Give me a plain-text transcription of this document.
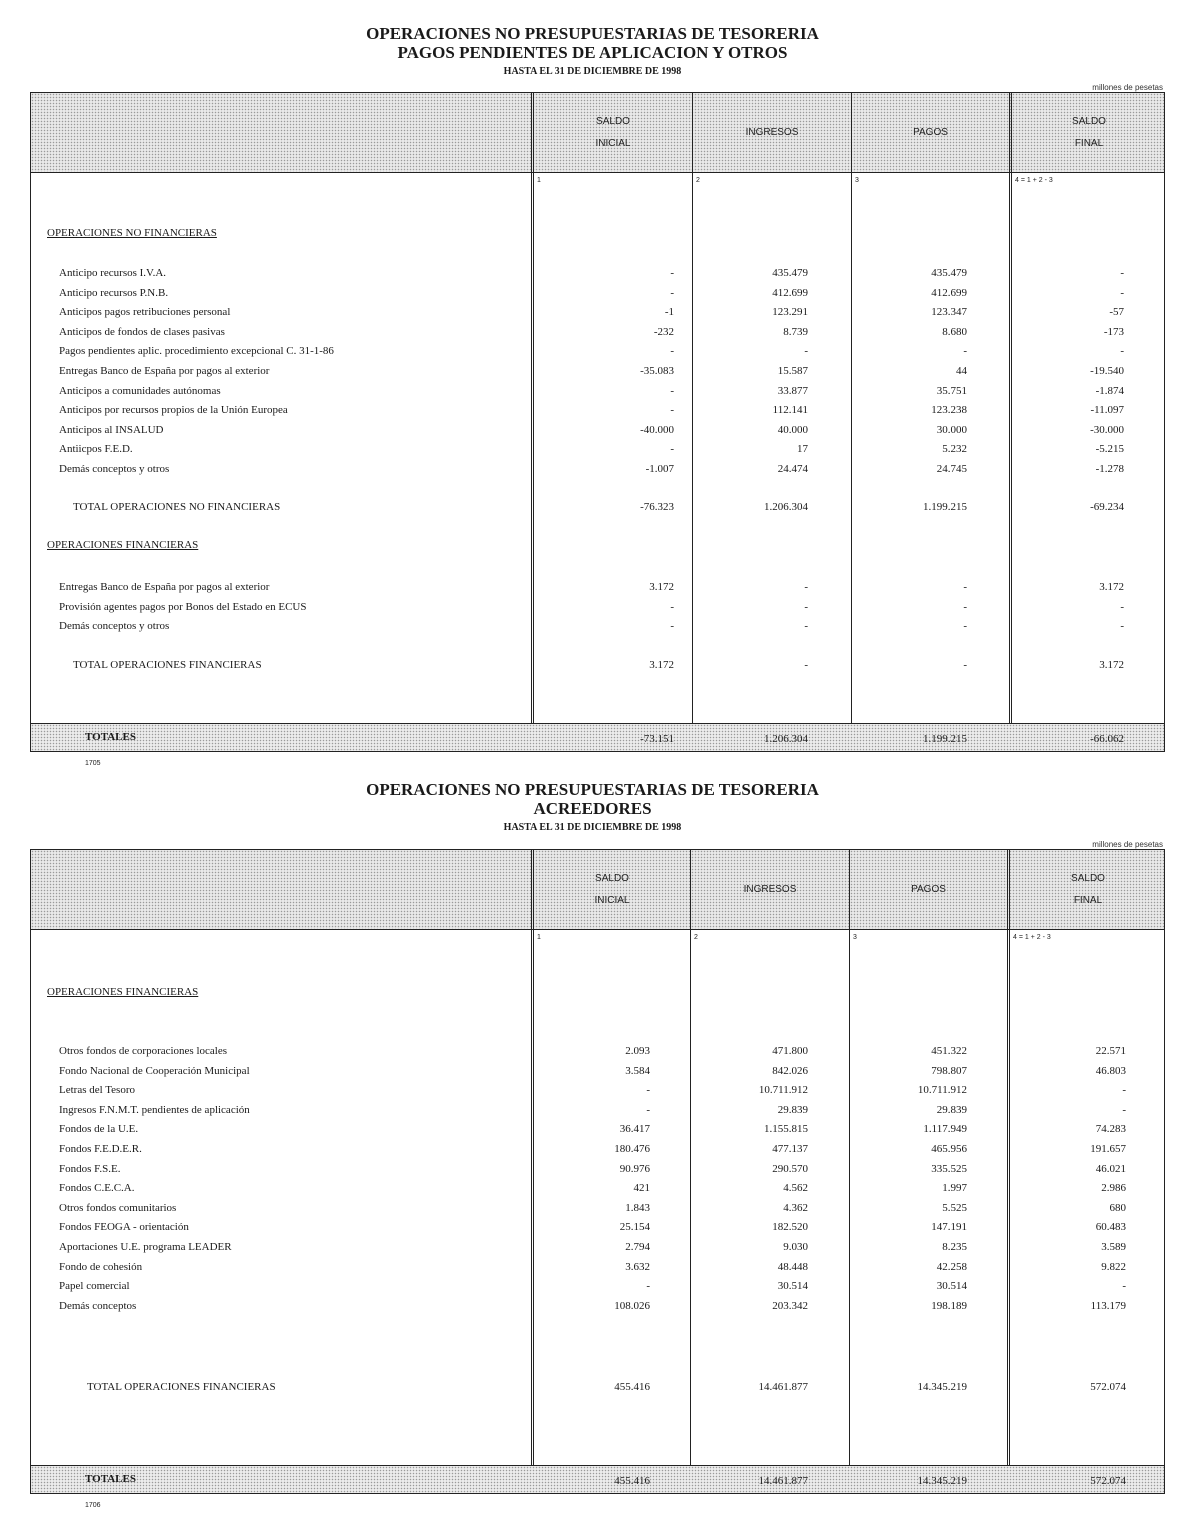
OPERACIONES NO PRESUPUESTARIAS DE TESORERIA
PAGOS PENDIENTES DE APLICACION Y OTROS
HASTA EL 31 DE DICIEMBRE DE 1998
millones de pesetas
SALDO
INICIAL
INGRESOS	PAGOS
SALDO
FINAL
1	2	3	4 = 1 + 2 - 3
OPERACIONES NO FINANCIERAS
Anticipo recursos I.V.A.	-	435.479	435.479	-
Anticipo recursos P.N.B.	-	412.699	412.699	-
Anticipos pagos retribuciones personal	-1	123.291	123.347	-57
Anticipos de fondos de clases pasivas	-232	8.739	8.680	-173
Pagos pendientes aplic. procedimiento excepcional C. 31-1-86	-	-	-	-
Entregas Banco de España por pagos al exterior	-35.083	15.587	44	-19.540
Anticipos a comunidades autónomas	-	33.877	35.751	-1.874
Anticipos por recursos propios de la Unión Europea	-	112.141	123.238	-11.097
Anticipos al INSALUD	-40.000	40.000	30.000	-30.000
Antiicpos F.E.D.	-	17	5.232	-5.215
Demás conceptos y otros	-1.007	24.474	24.745	-1.278
TOTAL OPERACIONES NO FINANCIERAS	-76.323	1.206.304	1.199.215	-69.234
OPERACIONES FINANCIERAS
Entregas Banco de España por pagos al exterior	3.172	-	-	3.172
Provisión agentes pagos por Bonos del Estado en ECUS	-	-	-	-
Demás conceptos y otros	-	-	-	-
TOTAL OPERACIONES FINANCIERAS	3.172	-	-	3.172
TOTALES	-73.151	1.206.304	1.199.215	-66.062
1705
OPERACIONES NO PRESUPUESTARIAS DE TESORERIA
ACREEDORES
HASTA EL 31 DE DICIEMBRE DE 1998
millones de pesetas
SALDO
INICIAL
INGRESOS	PAGOS
SALDO
FINAL
1	2	3	4 = 1 + 2 - 3
OPERACIONES FINANCIERAS
Otros fondos de corporaciones locales	2.093	471.800	451.322	22.571
Fondo Nacional de Cooperación Municipal	3.584	842.026	798.807	46.803
Letras del Tesoro	-	10.711.912	10.711.912	-
Ingresos F.N.M.T. pendientes de aplicación	-	29.839	29.839	-
Fondos de la U.E.	36.417	1.155.815	1.117.949	74.283
Fondos F.E.D.E.R.	180.476	477.137	465.956	191.657
Fondos F.S.E.	90.976	290.570	335.525	46.021
Fondos C.E.C.A.	421	4.562	1.997	2.986
Otros fondos comunitarios	1.843	4.362	5.525	680
Fondos FEOGA - orientación	25.154	182.520	147.191	60.483
Aportaciones U.E. programa LEADER	2.794	9.030	8.235	3.589
Fondo de cohesión	3.632	48.448	42.258	9.822
Papel comercial	-	30.514	30.514	-
Demás conceptos	108.026	203.342	198.189	113.179
TOTAL OPERACIONES FINANCIERAS	455.416	14.461.877	14.345.219	572.074
TOTALES	455.416	14.461.877	14.345.219	572.074
1706
